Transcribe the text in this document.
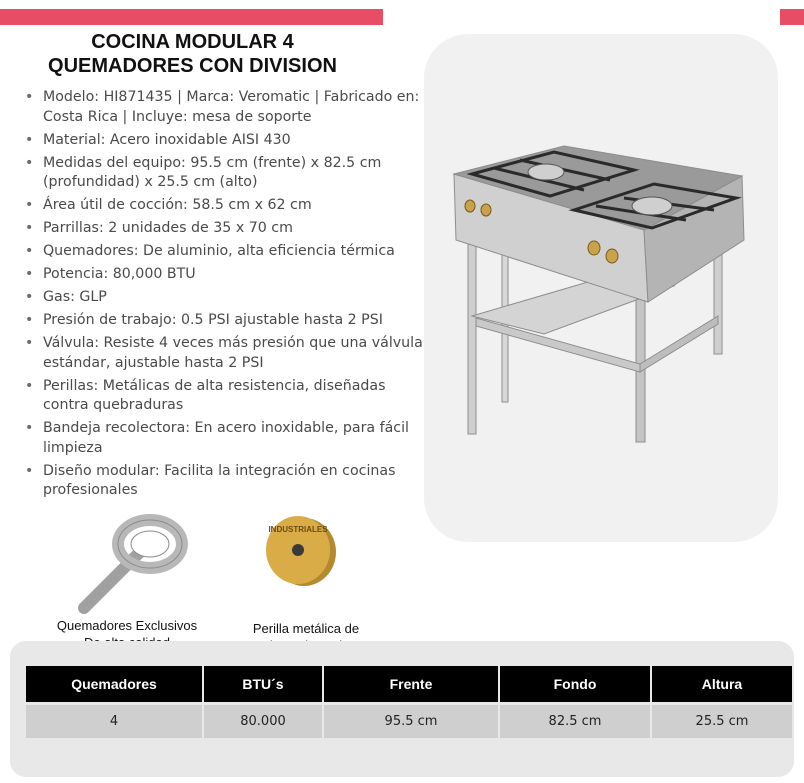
COCINA MODULAR 4
QUEMADORES CON DIVISION
• Modelo: HI871435 | Marca: Veromatic | Fabricado en: Costa Rica | Incluye: mesa de soporte
• Material: Acero inoxidable AISI 430
• Medidas del equipo: 95.5 cm (frente) x 82.5 cm (profundidad) x 25.5 cm (alto)
• Área útil de cocción: 58.5 cm x 62 cm
• Parrillas: 2 unidades de 35 x 70 cm
• Quemadores: De aluminio, alta eficiencia térmica
• Potencia: 80,000 BTU
• Gas: GLP
• Presión de trabajo: 0.5 PSI ajustable hasta 2 PSI
• Válvula: Resiste 4 veces más presión que una válvula estándar, ajustable hasta 2 PSI
• Perillas: Metálicas de alta resistencia, diseñadas contra quebraduras
• Bandeja recolectora: En acero inoxidable, para fácil limpieza
• Diseño modular: Facilita la integración en cocinas profesionales
INDUSTRIALES
Quemadores Exclusivos	Perilla metálica de

Quemadores	BTU´s	Frente	Fondo	Altura
4	80.000	95.5 cm	82.5 cm	25.5 cm
